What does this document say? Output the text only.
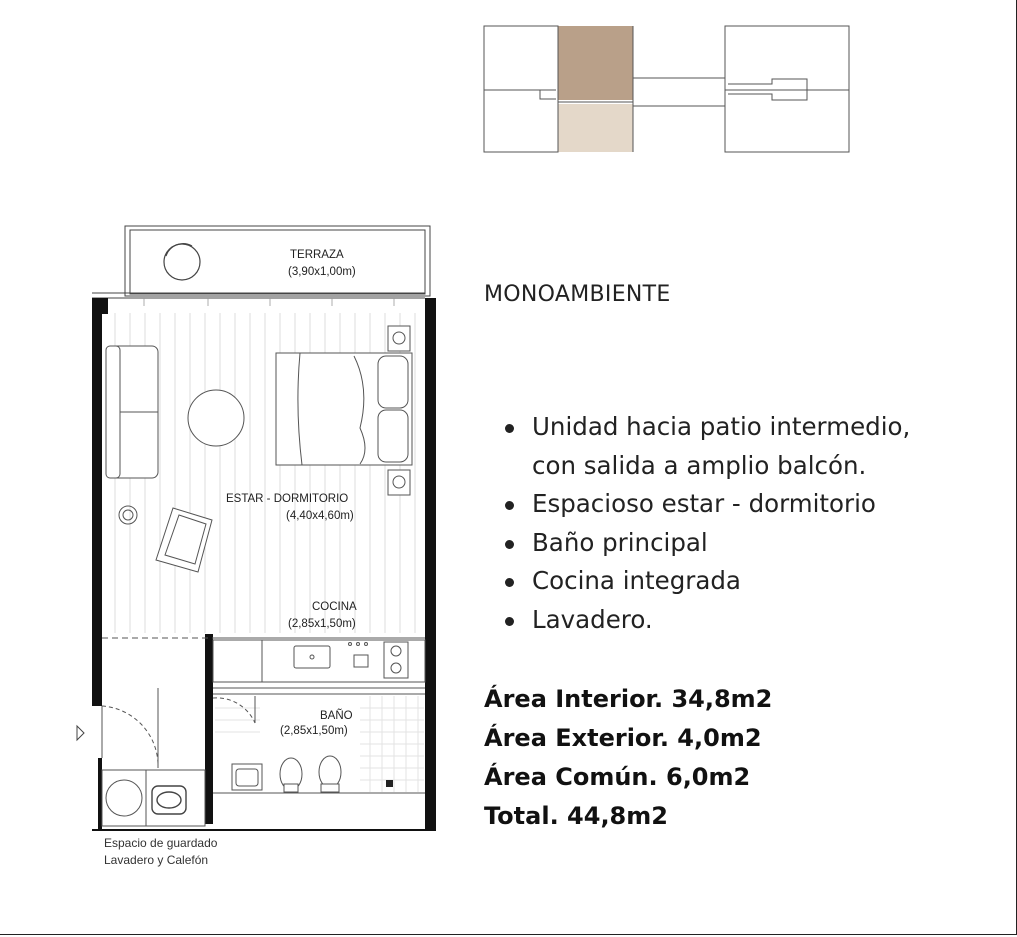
TERRAZA
(3,90x1,00m)
ESTAR - DORMITORIO
(4,40x4,60m)
COCINA
(2,85x1,50m)
BAÑO
(2,85x1,50m)
Espacio de guardado
Lavadero y Calefón
MONOAMBIENTE
Unidad hacia patio intermedio,
con salida a amplio balcón.
Espacioso estar - dormitorio
Baño principal
Cocina integrada
Lavadero.
Área Interior. 34,8m2
Área Exterior. 4,0m2
Área Común. 6,0m2
Total. 44,8m2
